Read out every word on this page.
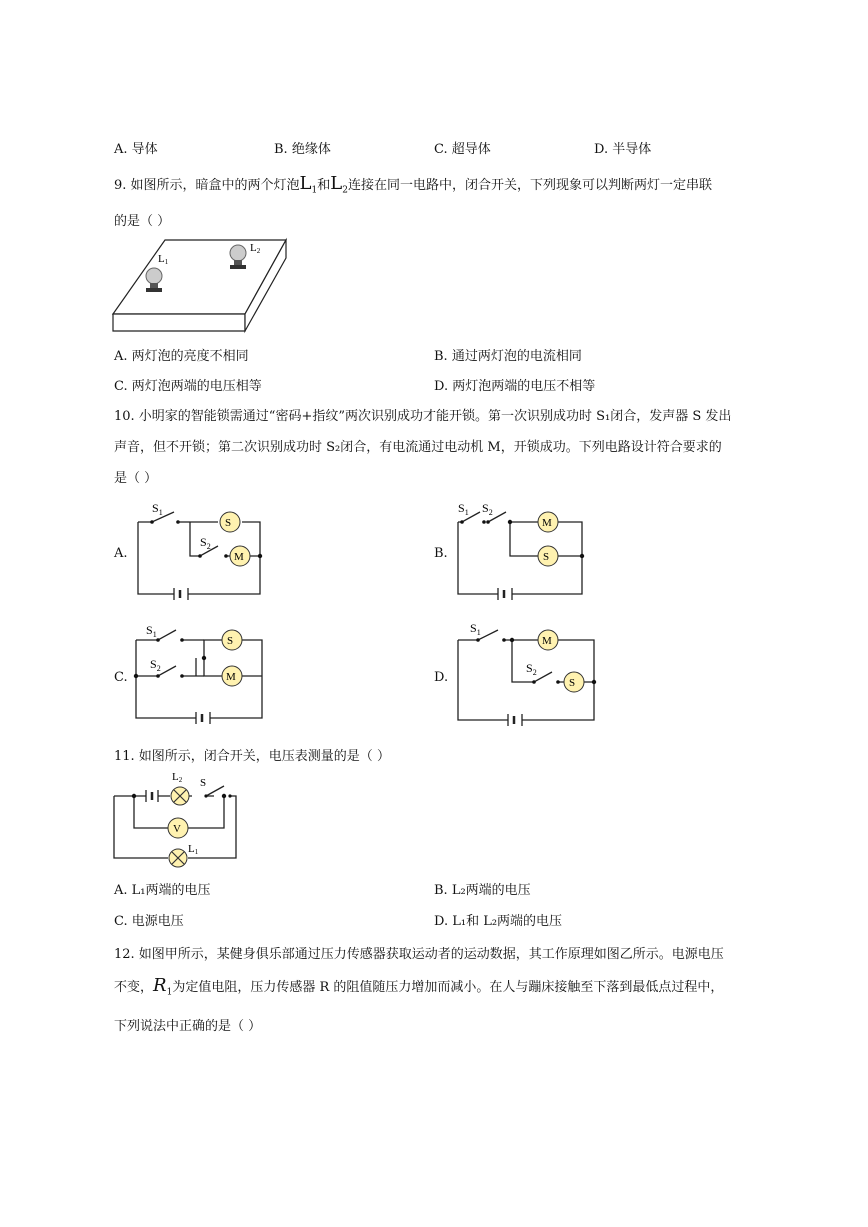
A. 导体	B. 绝缘体	C. 超导体	D. 半导体
9. 如图所示，暗盒中的两个灯泡$L_1$和$L_2$连接在同一电路中，闭合开关，下列现象可以判断两灯一定串联
的是（ ）
L1
L2
A. 两灯泡的亮度不相同	B. 通过两灯泡的电流相同
C. 两灯泡两端的电压相等	D. 两灯泡两端的电压不相等
10. 小明家的智能锁需通过“密码+指纹”两次识别成功才能开锁。第一次识别成功时 S₁闭合，发声器 S 发出
声音，但不开锁；第二次识别成功时 S₂闭合，有电流通过电动机 M，开锁成功。下列电路设计符合要求的
是（ ）
A.	B.
C.	D.
S
M
$S_1$
$S_2$
M
S
$S_1$ $S_2$
S
M
$S_1$
$S_2$
M
S
$S_1$
$S_2$
11. 如图所示，闭合开关，电压表测量的是（ ）
V
L2 S
L1
A. L₁两端的电压	B. L₂两端的电压
C. 电源电压	D. L₁和 L₂两端的电压
12. 如图甲所示，某健身俱乐部通过压力传感器获取运动者的运动数据，其工作原理如图乙所示。电源电压
不变，$R_1$为定值电阻，压力传感器 R 的阻值随压力增加而减小。在人与蹦床接触至下落到最低点过程中，
下列说法中正确的是（ ）
